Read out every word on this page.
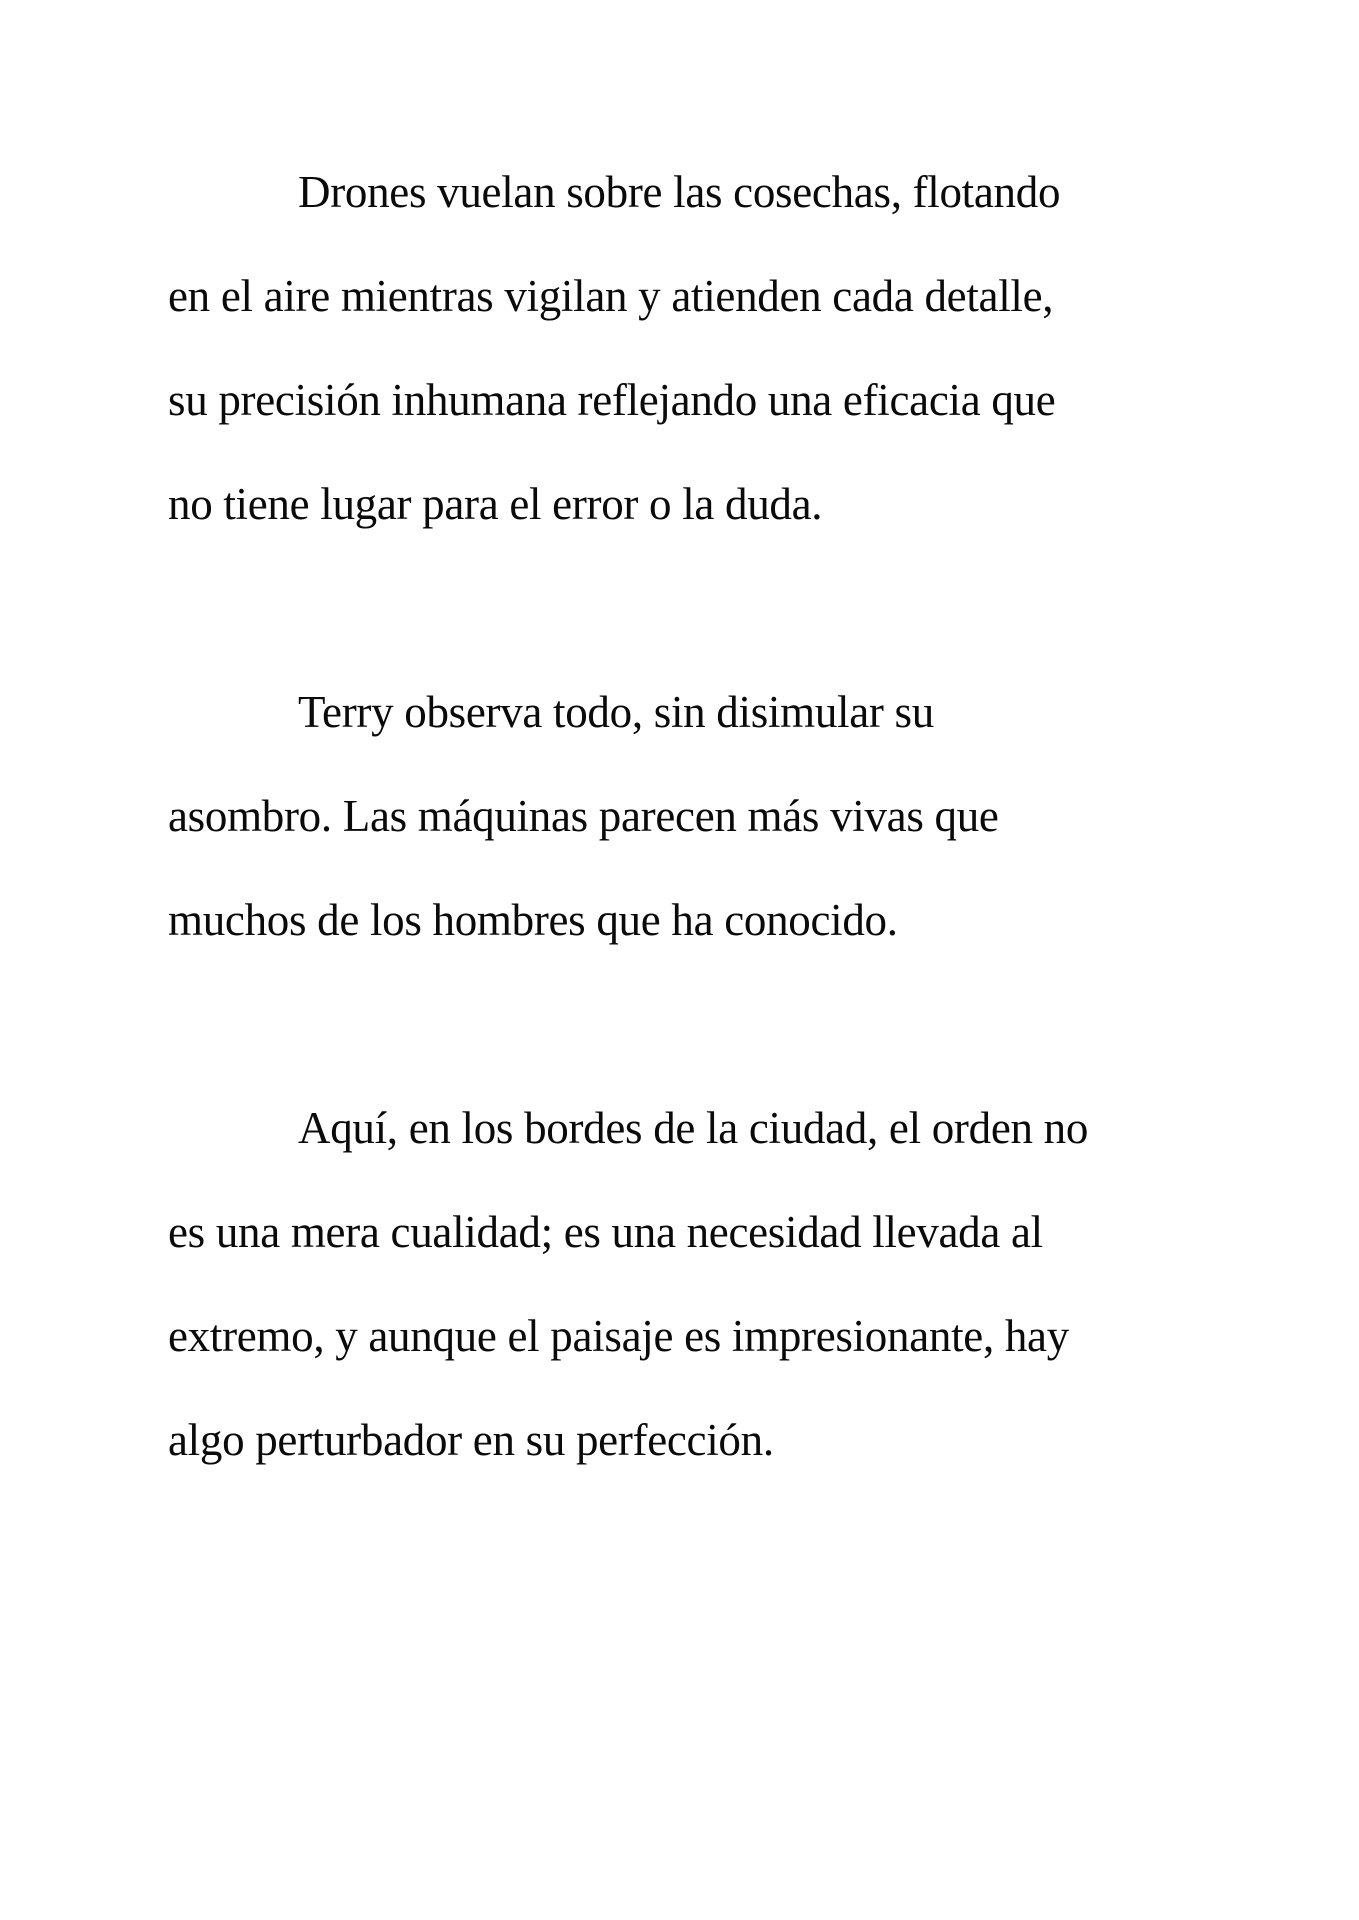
Drones vuelan sobre las cosechas, flotando
en el aire mientras vigilan y atienden cada detalle,
su precisión inhumana reflejando una eficacia que
no tiene lugar para el error o la duda.
Terry observa todo, sin disimular su
asombro. Las máquinas parecen más vivas que
muchos de los hombres que ha conocido.
Aquí, en los bordes de la ciudad, el orden no
es una mera cualidad; es una necesidad llevada al
extremo, y aunque el paisaje es impresionante, hay
algo perturbador en su perfección.
